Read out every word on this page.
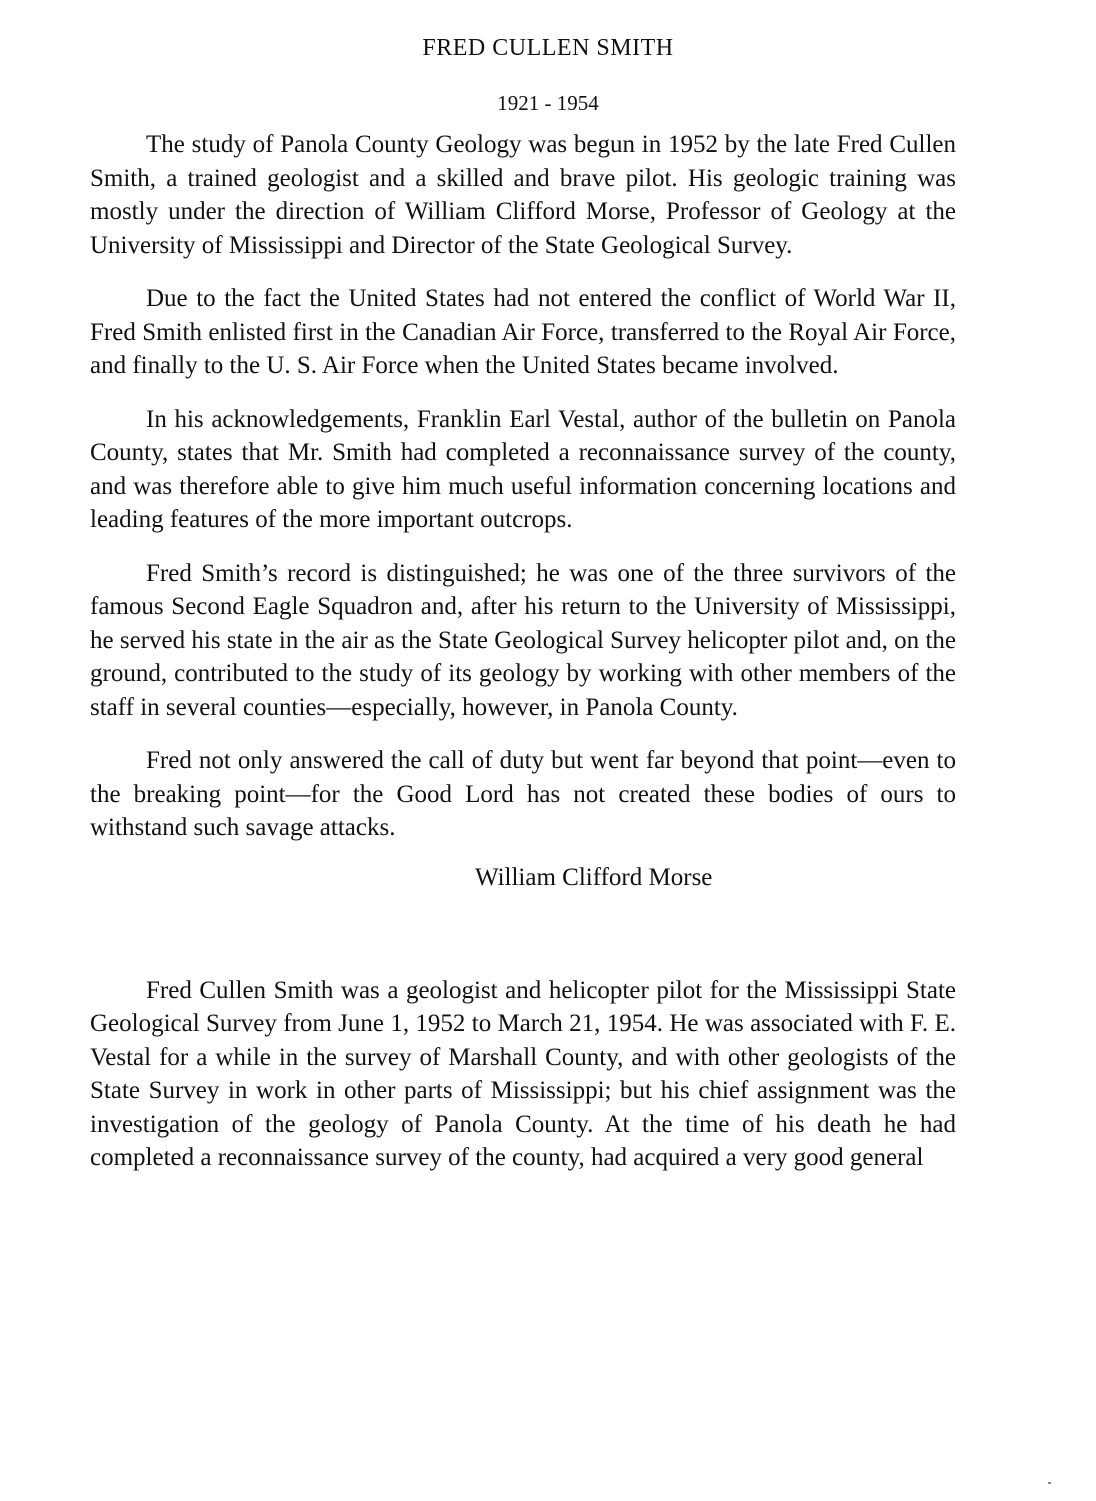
FRED CULLEN SMITH
1921 - 1954

The study of Panola County Geology was begun in 1952 by the late Fred Cullen Smith, a trained geologist and a skilled and brave pilot. His geologic training was mostly under the direction of William Clifford Morse, Professor of Geology at the University of Mississippi and Director of the State Geological Survey.

Due to the fact the United States had not entered the conflict of World War II, Fred Smith enlisted first in the Canadian Air Force, transferred to the Royal Air Force, and finally to the U. S. Air Force when the United States became involved.

In his acknowledgements, Franklin Earl Vestal, author of the bulletin on Panola County, states that Mr. Smith had completed a reconnaissance survey of the county, and was therefore able to give him much useful information concerning locations and leading features of the more important outcrops.

Fred Smith’s record is distinguished; he was one of the three survivors of the famous Second Eagle Squadron and, after his return to the University of Mississippi, he served his state in the air as the State Geological Survey helicopter pilot and, on the ground, contributed to the study of its geology by working with other members of the staff in several counties—especially, however, in Panola County.

Fred not only answered the call of duty but went far beyond that point—even to the breaking point—for the Good Lord has not created these bodies of ours to withstand such savage attacks.

William Clifford Morse

Fred Cullen Smith was a geologist and helicopter pilot for the Mississippi State Geological Survey from June 1, 1952 to March 21, 1954. He was associated with F. E. Vestal for a while in the survey of Marshall County, and with other geologists of the State Survey in work in other parts of Mississippi; but his chief assignment was the investigation of the geology of Panola County. At the time of his death he had completed a reconnaissance survey of the county, had acquired a very good general
